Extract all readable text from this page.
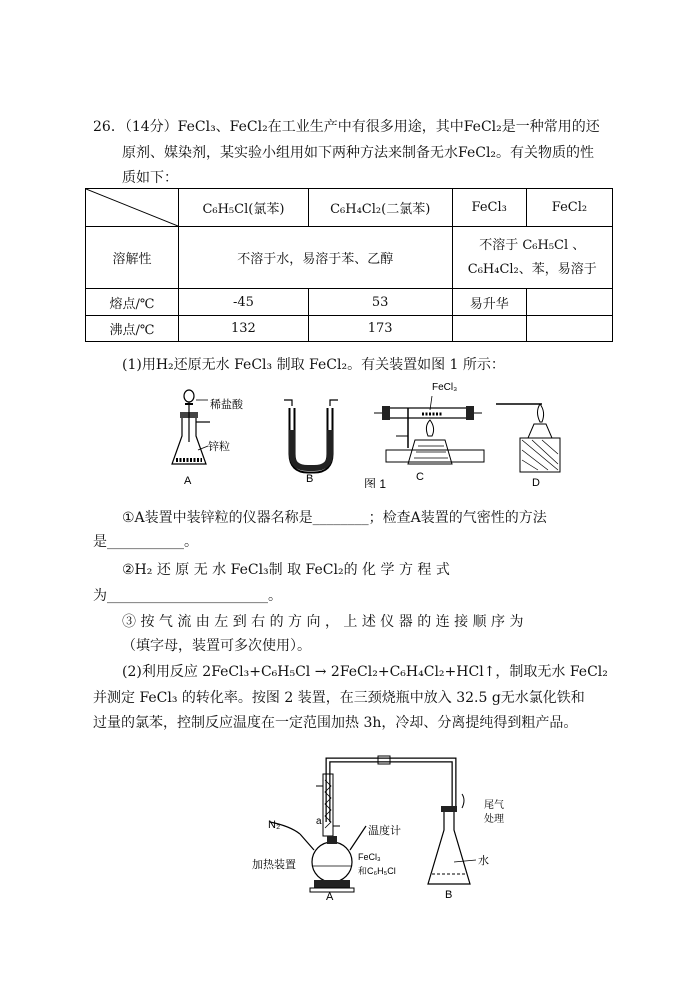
26．（14分）FeCl₃、FeCl₂在工业生产中有很多用途，其中FeCl₂是一种常用的还
原剂、媒染剂，某实验小组用如下两种方法来制备无水FeCl₂。有关物质的性
质如下：
	C₆H₅Cl(氯苯)	C₆H₄Cl₂(二氯苯)	FeCl₃	FeCl₂
溶解性	不溶于水，易溶于苯、乙醇		不溶于 C₆H₅Cl 、
C₆H₄Cl₂、苯，易溶于	

熔点/℃	-45	53	易升华	
沸点/℃	132	173		
(1)用H₂还原无水 FeCl₃ 制取 FeCl₂。有关装置如图 1 所示：
稀盐酸
锌粒
A	B
FeCl₃
C	D
图 1
①A装置中装锌粒的仪器名称是________；检查A装置的气密性的方法
是___________。
②H₂ 还 原 无 水 FeCl₃制 取 FeCl₂的 化 学 方 程 式
为_______________________。
③ 按 气 流 由 左 到 右 的 方 向 ， 上 述 仪 器 的 连 接 顺 序 为
（填字母，装置可多次使用）。
(2)利用反应 2FeCl₃+C₆H₅Cl → 2FeCl₂+C₆H₄Cl₂+HCl↑，制取无水 FeCl₂
并测定 FeCl₃ 的转化率。按图 2 装置，在三颈烧瓶中放入 32.5 g无水氯化铁和
过量的氯苯，控制反应温度在一定范围加热 3h，冷却、分离提纯得到粗产品。
N₂	a
温度计
加热装置
FeCl₃
和C₆H₅Cl
尾气
处理
水
A	B
